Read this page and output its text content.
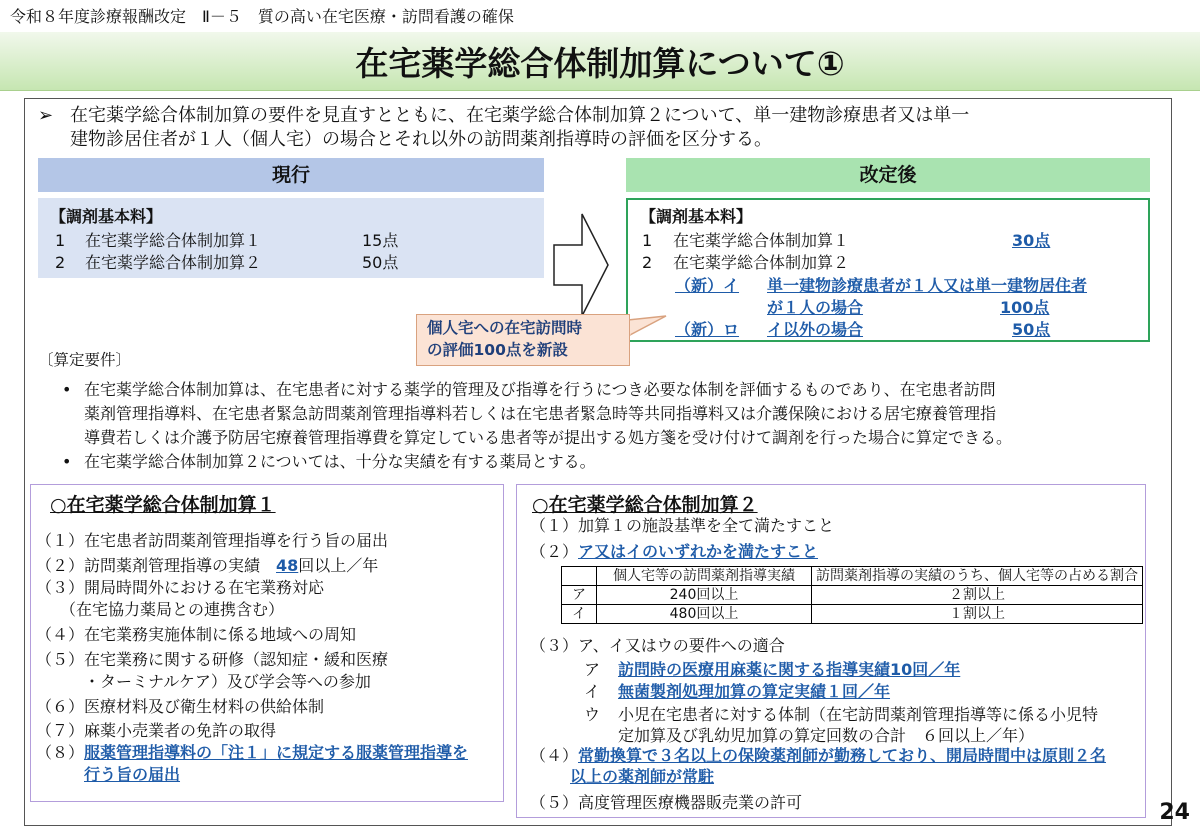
令和８年度診療報酬改定　Ⅱ－５　質の高い在宅医療・訪問看護の確保
在宅薬学総合体制加算について①
➢ 在宅薬学総合体制加算の要件を見直すとともに、在宅薬学総合体制加算２について、単一建物診療患者又は単一
建物診居住者が１人（個人宅）の場合とそれ以外の訪問薬剤指導時の評価を区分する。
現行	改定後
【調剤基本料】
1 在宅薬学総合体制加算１	15点
2 在宅薬学総合体制加算２	50点
【調剤基本料】
1 在宅薬学総合体制加算１	30点
2 在宅薬学総合体制加算２
（新）イ 単一建物診療患者が１人又は単一建物居住者
が１人の場合	100点
（新）ロ イ以外の場合	50点
個人宅への在宅訪問時
の評価100点を新設
〔算定要件〕
• 在宅薬学総合体制加算は、在宅患者に対する薬学的管理及び指導を行うにつき必要な体制を評価するものであり、在宅患者訪問
薬剤管理指導料、在宅患者緊急訪問薬剤管理指導料若しくは在宅患者緊急時等共同指導料又は介護保険における居宅療養管理指
導費若しくは介護予防居宅療養管理指導費を算定している患者等が提出する処方箋を受け付けて調剤を行った場合に算定できる。
• 在宅薬学総合体制加算２については、十分な実績を有する薬局とする。
○在宅薬学総合体制加算１
（１）在宅患者訪問薬剤管理指導を行う旨の届出
（２）訪問薬剤管理指導の実績　48回以上／年
（３）開局時間外における在宅業務対応
　　（在宅協力薬局との連携含む）
（４）在宅業務実施体制に係る地域への周知
（５）在宅業務に関する研修（認知症・緩和医療
　　　・ターミナルケア）及び学会等への参加
（６）医療材料及び衛生材料の供給体制
（７）麻薬小売業者の免許の取得
（８） 服薬管理指導料の「注１」に規定する服薬管理指導を
行う旨の届出
○在宅薬学総合体制加算２
（１）加算１の施設基準を全て満たすこと
（２） ア又はイのいずれかを満たすこと
	個人宅等の訪問薬剤指導実績	訪問薬剤指導の実績のうち、個人宅等の占める割合
ア	240回以上	２割以上
イ	480回以上	１割以上
（３）ア、イ又はウの要件への適合
ア 訪問時の医療用麻薬に関する指導実績10回／年
イ 無菌製剤処理加算の算定実績１回／年
ウ 小児在宅患者に対する体制（在宅訪問薬剤管理指導等に係る小児特
定加算及び乳幼児加算の算定回数の合計　６回以上／年）
（４） 常勤換算で３名以上の保険薬剤師が勤務しており、開局時間中は原則２名
以上の薬剤師が常駐
（５）高度管理医療機器販売業の許可	24
